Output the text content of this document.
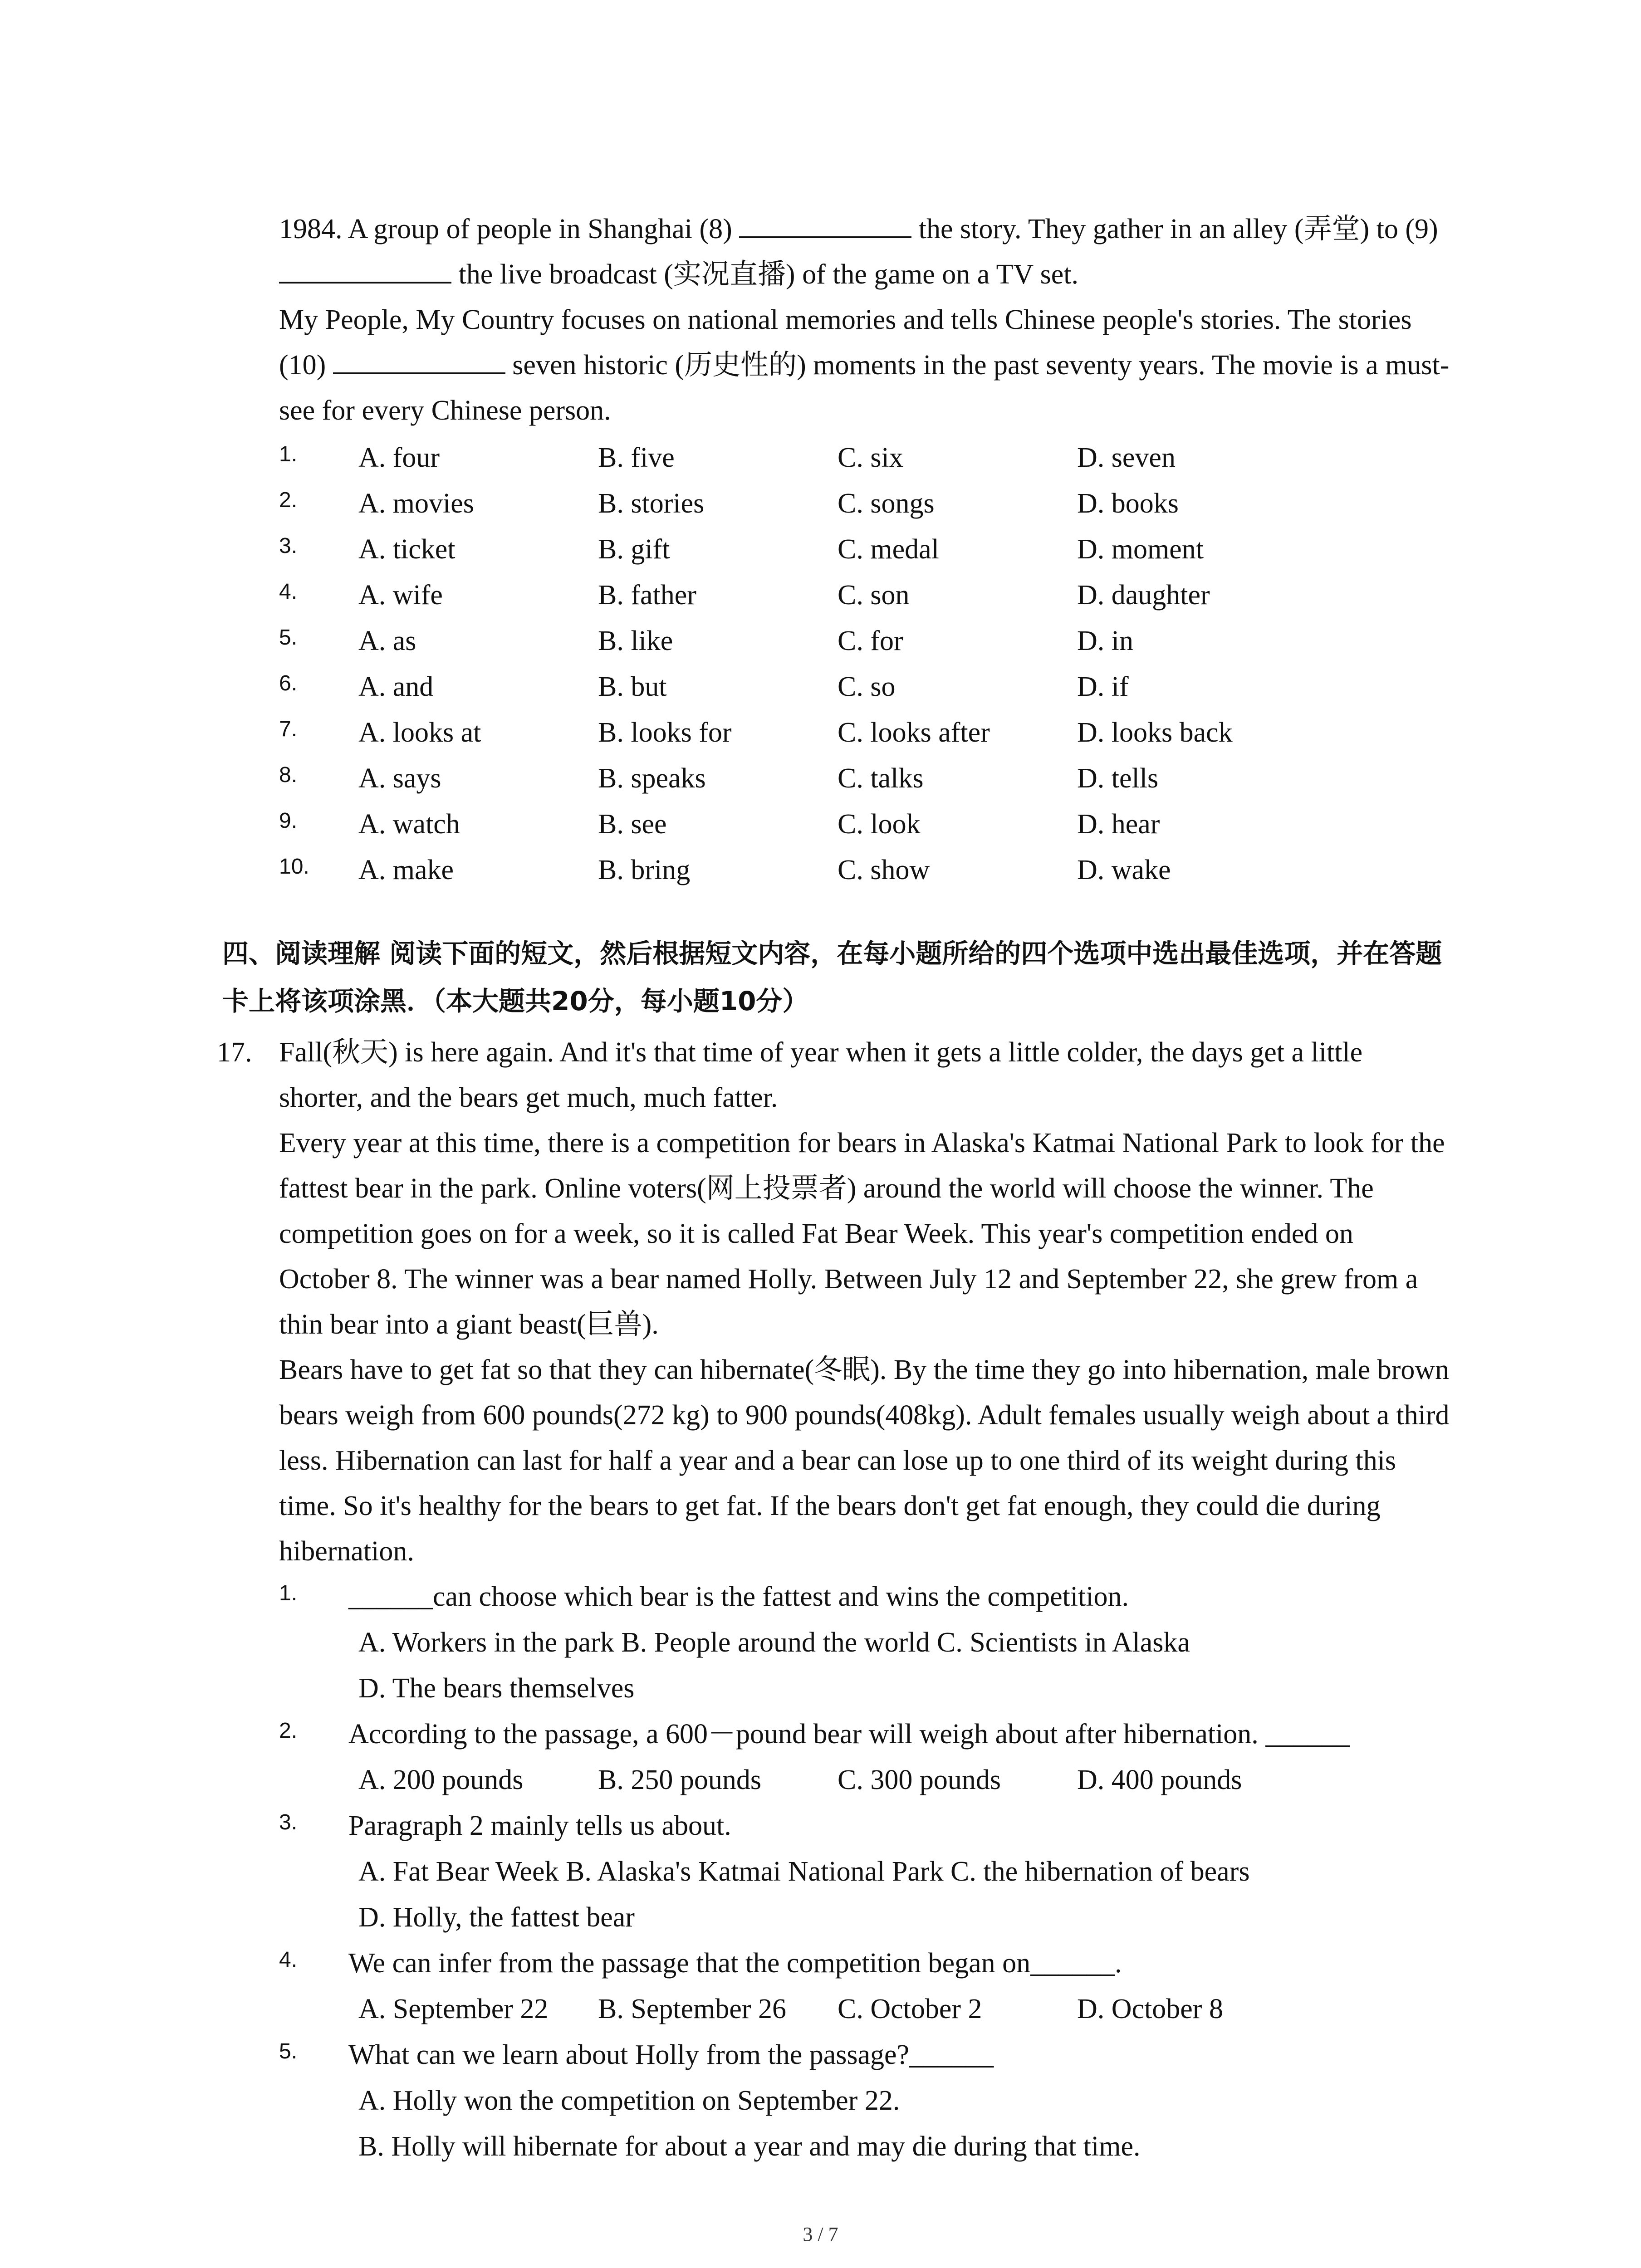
1984. A group of people in Shanghai (8)	the story. They gather in an alley (弄堂) to (9) the live broadcast (实况直播) of the game on a TV set.

My People, My Country focuses on national memories and tells Chinese people's stories. The stories (10)	seven historic (历史性的) moments in the past seventy years. The movie is a must-see for every Chinese person.

1. A. four	B. five	C. six	D. seven
2. A. movies	B. stories	C. songs	D. books
3. A. ticket	B. gift	C. medal	D. moment
4. A. wife	B. father	C. son	D. daughter
5. A. as	B. like	C. for	D. in
6. A. and	B. but	C. so	D. if
7. A. looks at	B. looks for	C. looks after	D. looks back
8. A. says	B. speaks	C. talks	D. tells
9. A. watch	B. see	C. look	D. hear
10. A. make	B. bring	C. show	D. wake
四、阅读理解 阅读下面的短文，然后根据短文内容，在每小题所给的四个选项中选出最佳选项，并在答题卡上将该项涂黑．（本大题共20分，每小题10分）
17. Fall(秋天) is here again. And it's that time of year when it gets a little colder, the days get a little shorter, and the bears get much, much fatter.

Every year at this time, there is a competition for bears in Alaska's Katmai National Park to look for the fattest bear in the park. Online voters(网上投票者) around the world will choose the winner. The competition goes on for a week, so it is called Fat Bear Week. This year's competition ended on October 8. The winner was a bear named Holly. Between July 12 and September 22, she grew from a thin bear into a giant beast(巨兽).

Bears have to get fat so that they can hibernate(冬眠). By the time they go into hibernation, male brown bears weigh from 600 pounds(272 kg) to 900 pounds(408kg). Adult females usually weigh about a third less. Hibernation can last for half a year and a bear can lose up to one third of its weight during this time. So it's healthy for the bears to get fat. If the bears don't get fat enough, they could die during hibernation.

1. ______can choose which bear is the fattest and wins the competition.
A. Workers in the park B. People around the world C. Scientists in Alaska
D. The bears themselves
2. According to the passage, a 600－pound bear will weigh about after hibernation. ______
A. 200 pounds	B. 250 pounds	C. 300 pounds	D. 400 pounds
3. Paragraph 2 mainly tells us about.
A. Fat Bear Week B. Alaska's Katmai National Park C. the hibernation of bears
D. Holly, the fattest bear
4. We can infer from the passage that the competition began on______.
A. September 22 B. September 26 C. October 2	D. October 8
5. What can we learn about Holly from the passage?______
A. Holly won the competition on September 22.
B. Holly will hibernate for about a year and may die during that time.
3 / 7
